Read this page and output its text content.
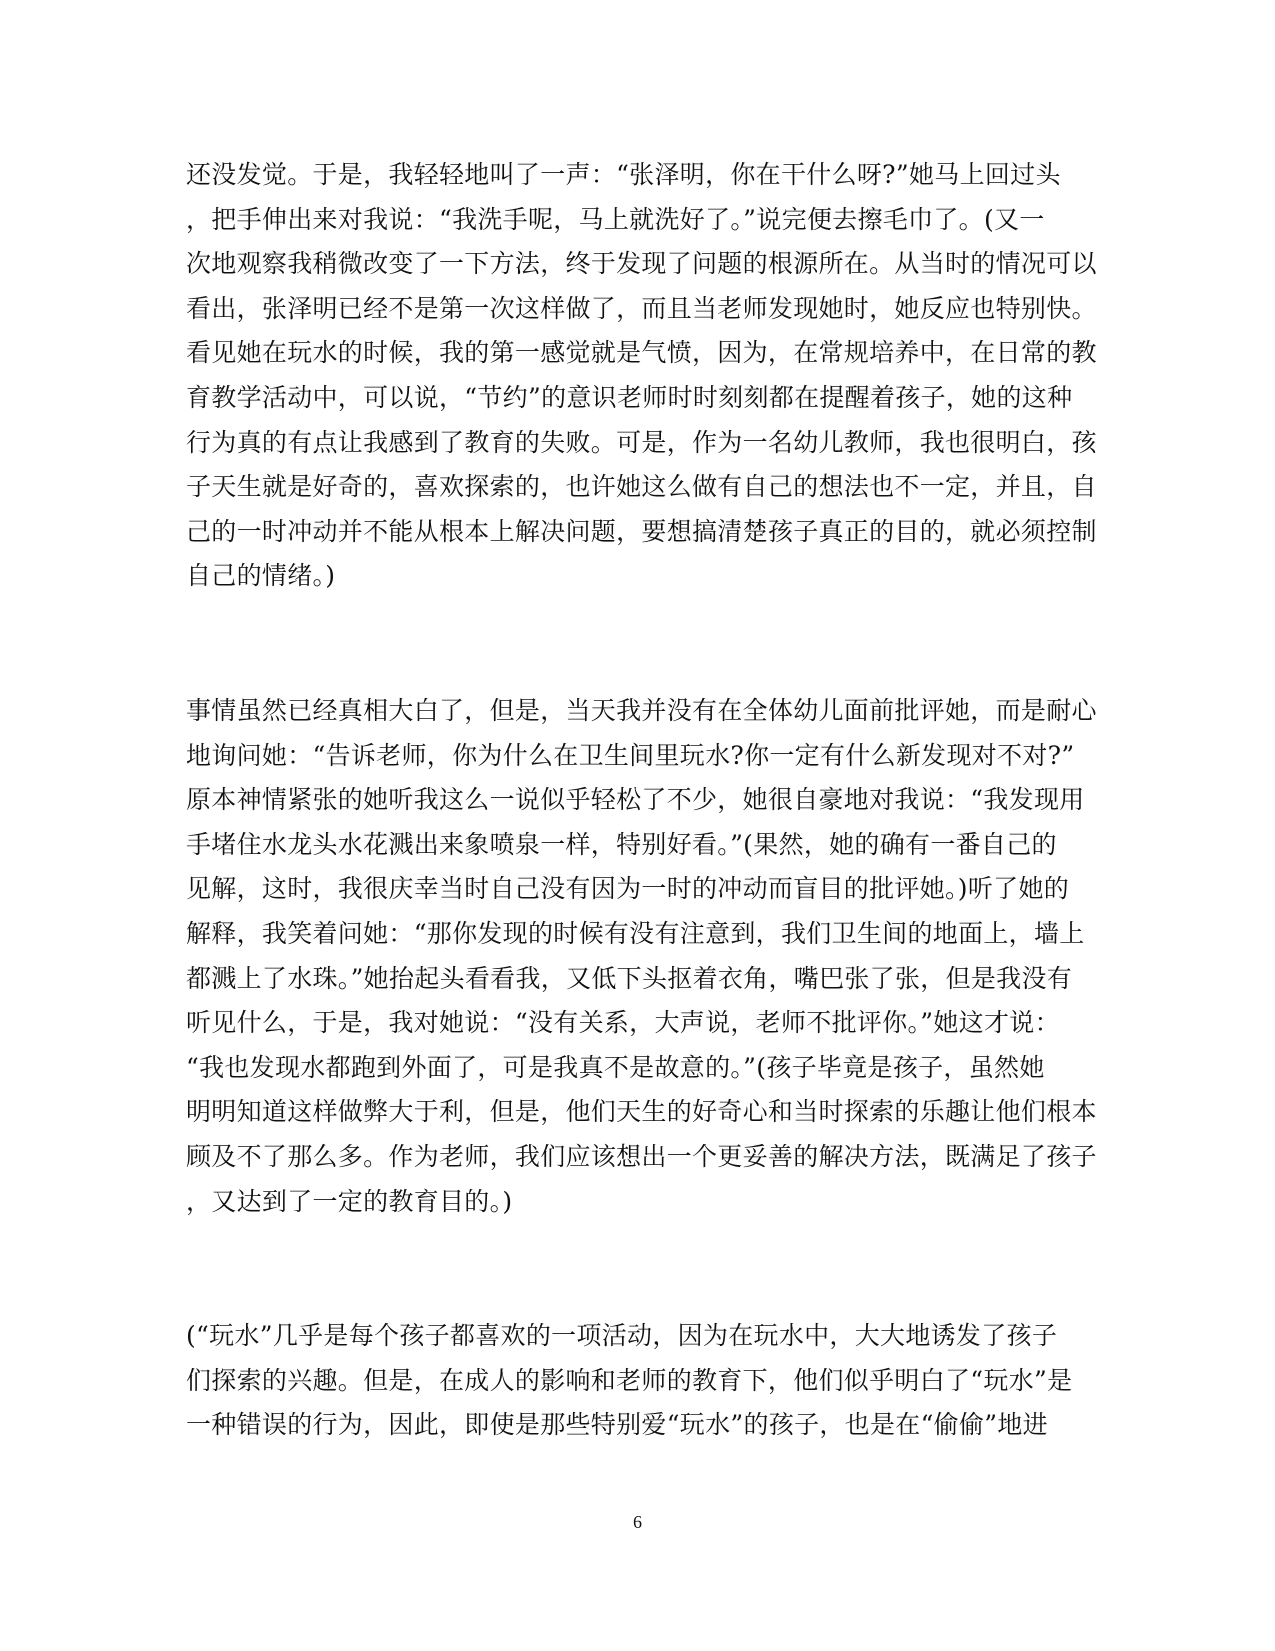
还没发觉。于是，我轻轻地叫了一声：“张泽明，你在干什么呀?”她马上回过头
，把手伸出来对我说：“我洗手呢，马上就洗好了。”说完便去擦毛巾了。(又一
次地观察我稍微改变了一下方法，终于发现了问题的根源所在。从当时的情况可以
看出，张泽明已经不是第一次这样做了，而且当老师发现她时，她反应也特别快。
看见她在玩水的时候，我的第一感觉就是气愤，因为，在常规培养中，在日常的教
育教学活动中，可以说，“节约”的意识老师时时刻刻都在提醒着孩子，她的这种
行为真的有点让我感到了教育的失败。可是，作为一名幼儿教师，我也很明白，孩
子天生就是好奇的，喜欢探索的，也许她这么做有自己的想法也不一定，并且，自
己的一时冲动并不能从根本上解决问题，要想搞清楚孩子真正的目的，就必须控制
自己的情绪。)
事情虽然已经真相大白了，但是，当天我并没有在全体幼儿面前批评她，而是耐心
地询问她：“告诉老师，你为什么在卫生间里玩水?你一定有什么新发现对不对?”
原本神情紧张的她听我这么一说似乎轻松了不少，她很自豪地对我说：“我发现用
手堵住水龙头水花溅出来象喷泉一样，特别好看。”(果然，她的确有一番自己的
见解，这时，我很庆幸当时自己没有因为一时的冲动而盲目的批评她。)听了她的
解释，我笑着问她：“那你发现的时候有没有注意到，我们卫生间的地面上，墙上
都溅上了水珠。”她抬起头看看我，又低下头抠着衣角，嘴巴张了张，但是我没有
听见什么，于是，我对她说：“没有关系，大声说，老师不批评你。”她这才说：
“我也发现水都跑到外面了，可是我真不是故意的。”(孩子毕竟是孩子，虽然她
明明知道这样做弊大于利，但是，他们天生的好奇心和当时探索的乐趣让他们根本
顾及不了那么多。作为老师，我们应该想出一个更妥善的解决方法，既满足了孩子
，又达到了一定的教育目的。)
(“玩水”几乎是每个孩子都喜欢的一项活动，因为在玩水中，大大地诱发了孩子
们探索的兴趣。但是，在成人的影响和老师的教育下，他们似乎明白了“玩水”是
一种错误的行为，因此，即使是那些特别爱“玩水”的孩子，也是在“偷偷”地进
6
